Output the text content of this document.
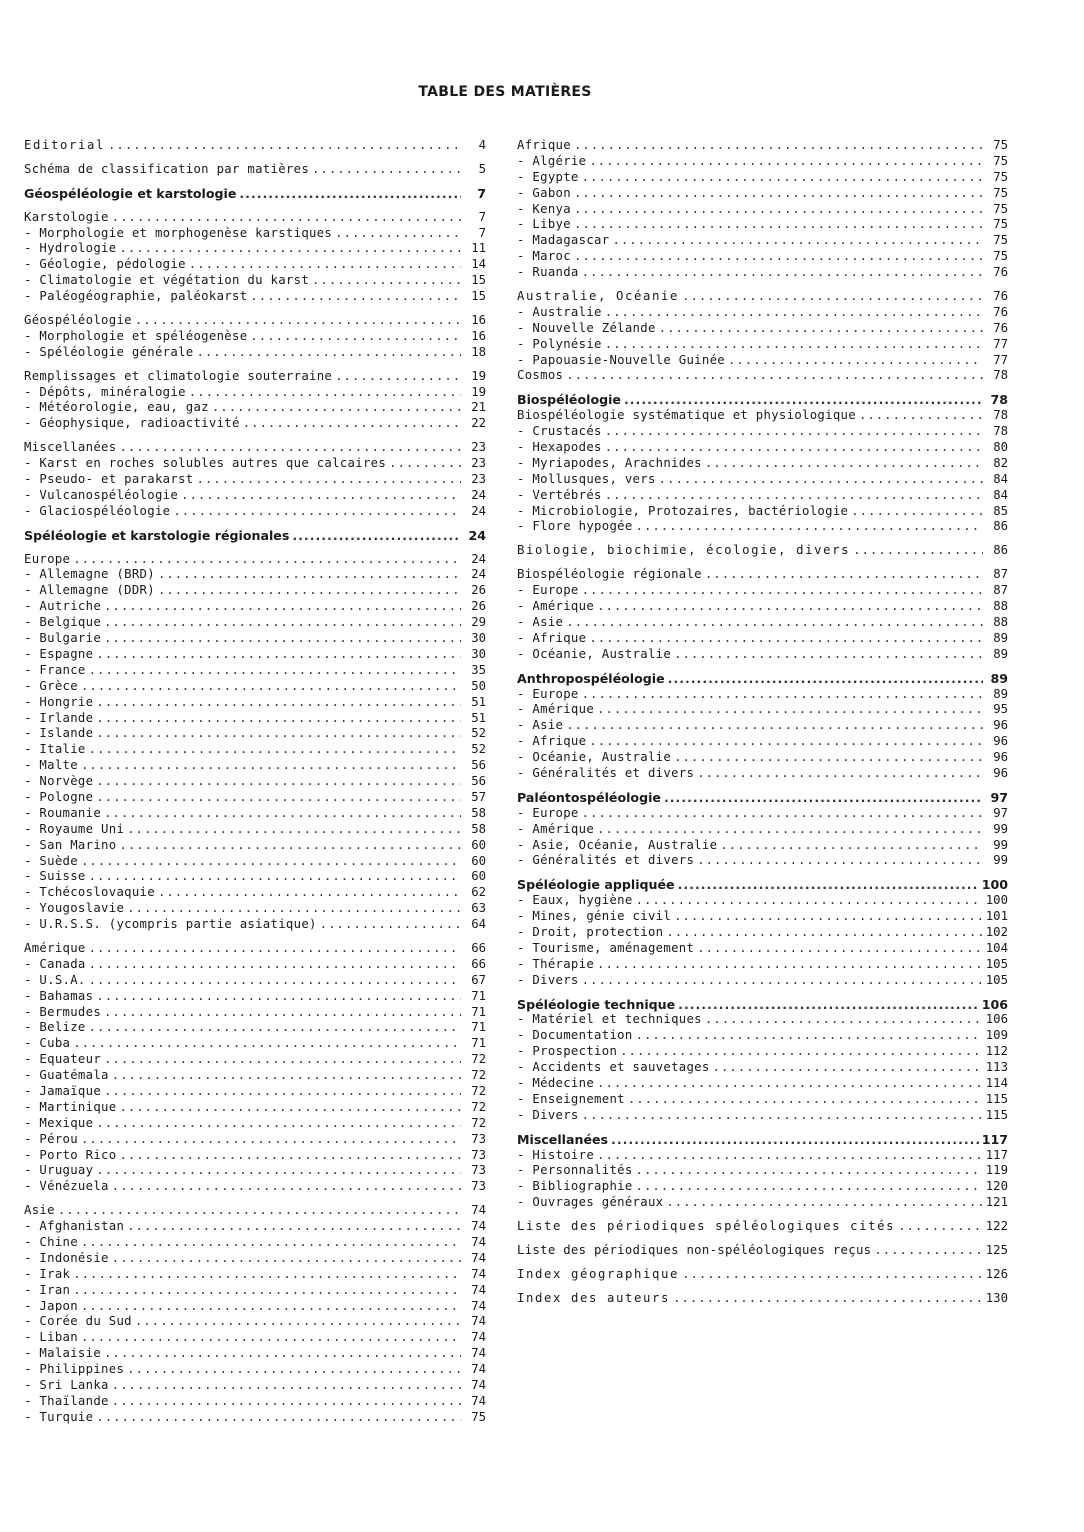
TABLE DES MATIÈRES
Editorial .....	4
Schéma de classification par matières .....	5
Géospéléologie et karstologie .....	7
Karstologie .....	7
- Morphologie et morphogenèse karstiques .....	7
- Hydrologie .....	11
- Géologie, pédologie .....	14
- Climatologie et végétation du karst .....	15
- Paléogéographie, paléokarst .....	15
Géospéléologie .....	16
- Morphologie et spéléogenèse .....	16
- Spéléologie générale .....	18
Remplissages et climatologie souterraine .....	19
- Dépôts, minéralogie .....	19
- Météorologie, eau, gaz .....	21
- Géophysique, radioactivité .....	22
Miscellanées .....	23
- Karst en roches solubles autres que calcaires .....	23
- Pseudo- et parakarst .....	23
- Vulcanospéléologie .....	24
- Glaciospéléologie .....	24
Spéléologie et karstologie régionales .....	24
Europe .....	24
- Allemagne (BRD) .....	24
- Allemagne (DDR) .....	26
- Autriche .....	26
- Belgique .....	29
- Bulgarie .....	30
- Espagne .....	30
- France .....	35
- Grèce .....	50
- Hongrie .....	51
- Irlande .....	51
- Islande .....	52
- Italie .....	52
- Malte .....	56
- Norvège .....	56
- Pologne .....	57
- Roumanie .....	58
- Royaume Uni .....	58
- San Marino .....	60
- Suède .....	60
- Suisse .....	60
- Tchécoslovaquie .....	62
- Yougoslavie .....	63
- U.R.S.S. (ycompris partie asiatique) .....	64
Amérique .....	66
- Canada .....	66
- U.S.A. .....	67
- Bahamas .....	71
- Bermudes .....	71
- Belize .....	71
- Cuba .....	71
- Equateur .....	72
- Guatémala .....	72
- Jamaïque .....	72
- Martinique .....	72
- Mexique .....	72
- Pérou .....	73
- Porto Rico .....	73
- Uruguay .....	73
- Vénézuela .....	73
Asie .....	74
- Afghanistan .....	74
- Chine .....	74
- Indonésie .....	74
- Irak .....	74
- Iran .....	74
- Japon .....	74
- Corée du Sud .....	74
- Liban .....	74
- Malaisie .....	74
- Philippines .....	74
- Sri Lanka .....	74
- Thaïlande .....	74
- Turquie .....	75
Afrique .....	75
- Algérie .....	75
- Egypte .....	75
- Gabon .....	75
- Kenya .....	75
- Libye .....	75
- Madagascar .....	75
- Maroc .....	75
- Ruanda .....	76
Australie, Océanie .....	76
- Australie .....	76
- Nouvelle Zélande .....	76
- Polynésie .....	77
- Papouasie-Nouvelle Guinée .....	77
Cosmos .....	78
Biospéléologie .....	78
Biospéléologie systématique et physiologique .....	78
- Crustacés .....	78
- Hexapodes .....	80
- Myriapodes, Arachnides .....	82
- Mollusques, vers .....	84
- Vertébrés .....	84
- Microbiologie, Protozaires, bactériologie .....	85
- Flore hypogée .....	86
Biologie, biochimie, écologie, divers .....	86
Biospéléologie régionale .....	87
- Europe .....	87
- Amérique .....	88
- Asie .....	88
- Afrique .....	89
- Océanie, Australie .....	89
Anthropospéléologie .....	89
- Europe .....	89
- Amérique .....	95
- Asie .....	96
- Afrique .....	96
- Océanie, Australie .....	96
- Généralités et divers .....	96
Paléontospéléologie .....	97
- Europe .....	97
- Amérique .....	99
- Asie, Océanie, Australie .....	99
- Généralités et divers .....	99
Spéléologie appliquée .....	100
- Eaux, hygiène .....	100
- Mines, génie civil .....	101
- Droit, protection .....	102
- Tourisme, aménagement .....	104
- Thérapie .....	105
- Divers .....	105
Spéléologie technique .....	106
- Matériel et techniques .....	106
- Documentation .....	109
- Prospection .....	112
- Accidents et sauvetages .....	113
- Médecine .....	114
- Enseignement .....	115
- Divers .....	115
Miscellanées .....	117
- Histoire .....	117
- Personnalités .....	119
- Bibliographie .....	120
- Ouvrages généraux .....	121
Liste des périodiques spéléologiques cités .....	122
Liste des périodiques non-spéléologiques reçus .....	125
Index géographique .....	126
Index des auteurs .....	130
